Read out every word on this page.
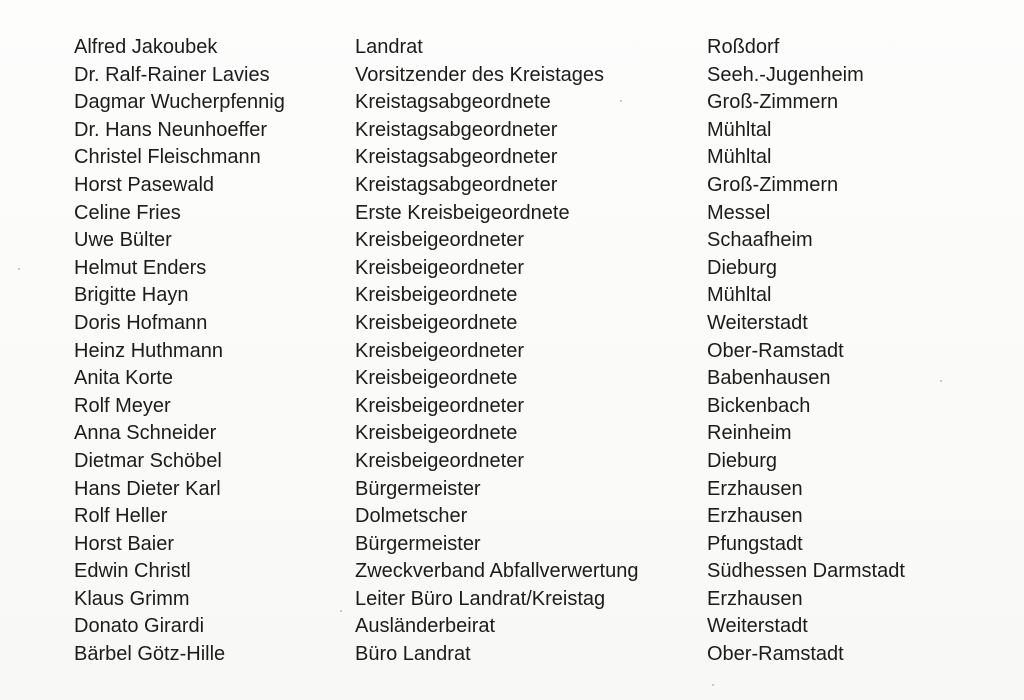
Alfred Jakoubek	Landrat	Roßdorf
Dr. Ralf-Rainer Lavies	Vorsitzender des Kreistages	Seeh.-Jugenheim
Dagmar Wucherpfennig	Kreistagsabgeordnete	Groß-Zimmern
Dr. Hans Neunhoeffer	Kreistagsabgeordneter	Mühltal
Christel Fleischmann	Kreistagsabgeordneter	Mühltal
Horst Pasewald	Kreistagsabgeordneter	Groß-Zimmern
Celine Fries	Erste Kreisbeigeordnete	Messel
Uwe Bülter	Kreisbeigeordneter	Schaafheim
Helmut Enders	Kreisbeigeordneter	Dieburg
Brigitte Hayn	Kreisbeigeordnete	Mühltal
Doris Hofmann	Kreisbeigeordnete	Weiterstadt
Heinz Huthmann	Kreisbeigeordneter	Ober-Ramstadt
Anita Korte	Kreisbeigeordnete	Babenhausen
Rolf Meyer	Kreisbeigeordneter	Bickenbach
Anna Schneider	Kreisbeigeordnete	Reinheim
Dietmar Schöbel	Kreisbeigeordneter	Dieburg
Hans Dieter Karl	Bürgermeister	Erzhausen
Rolf Heller	Dolmetscher	Erzhausen
Horst Baier	Bürgermeister	Pfungstadt
Edwin Christl	Zweckverband Abfallverwertung	Südhessen Darmstadt
Klaus Grimm	Leiter Büro Landrat/Kreistag	Erzhausen
Donato Girardi	Ausländerbeirat	Weiterstadt
Bärbel Götz-Hille	Büro Landrat	Ober-Ramstadt
